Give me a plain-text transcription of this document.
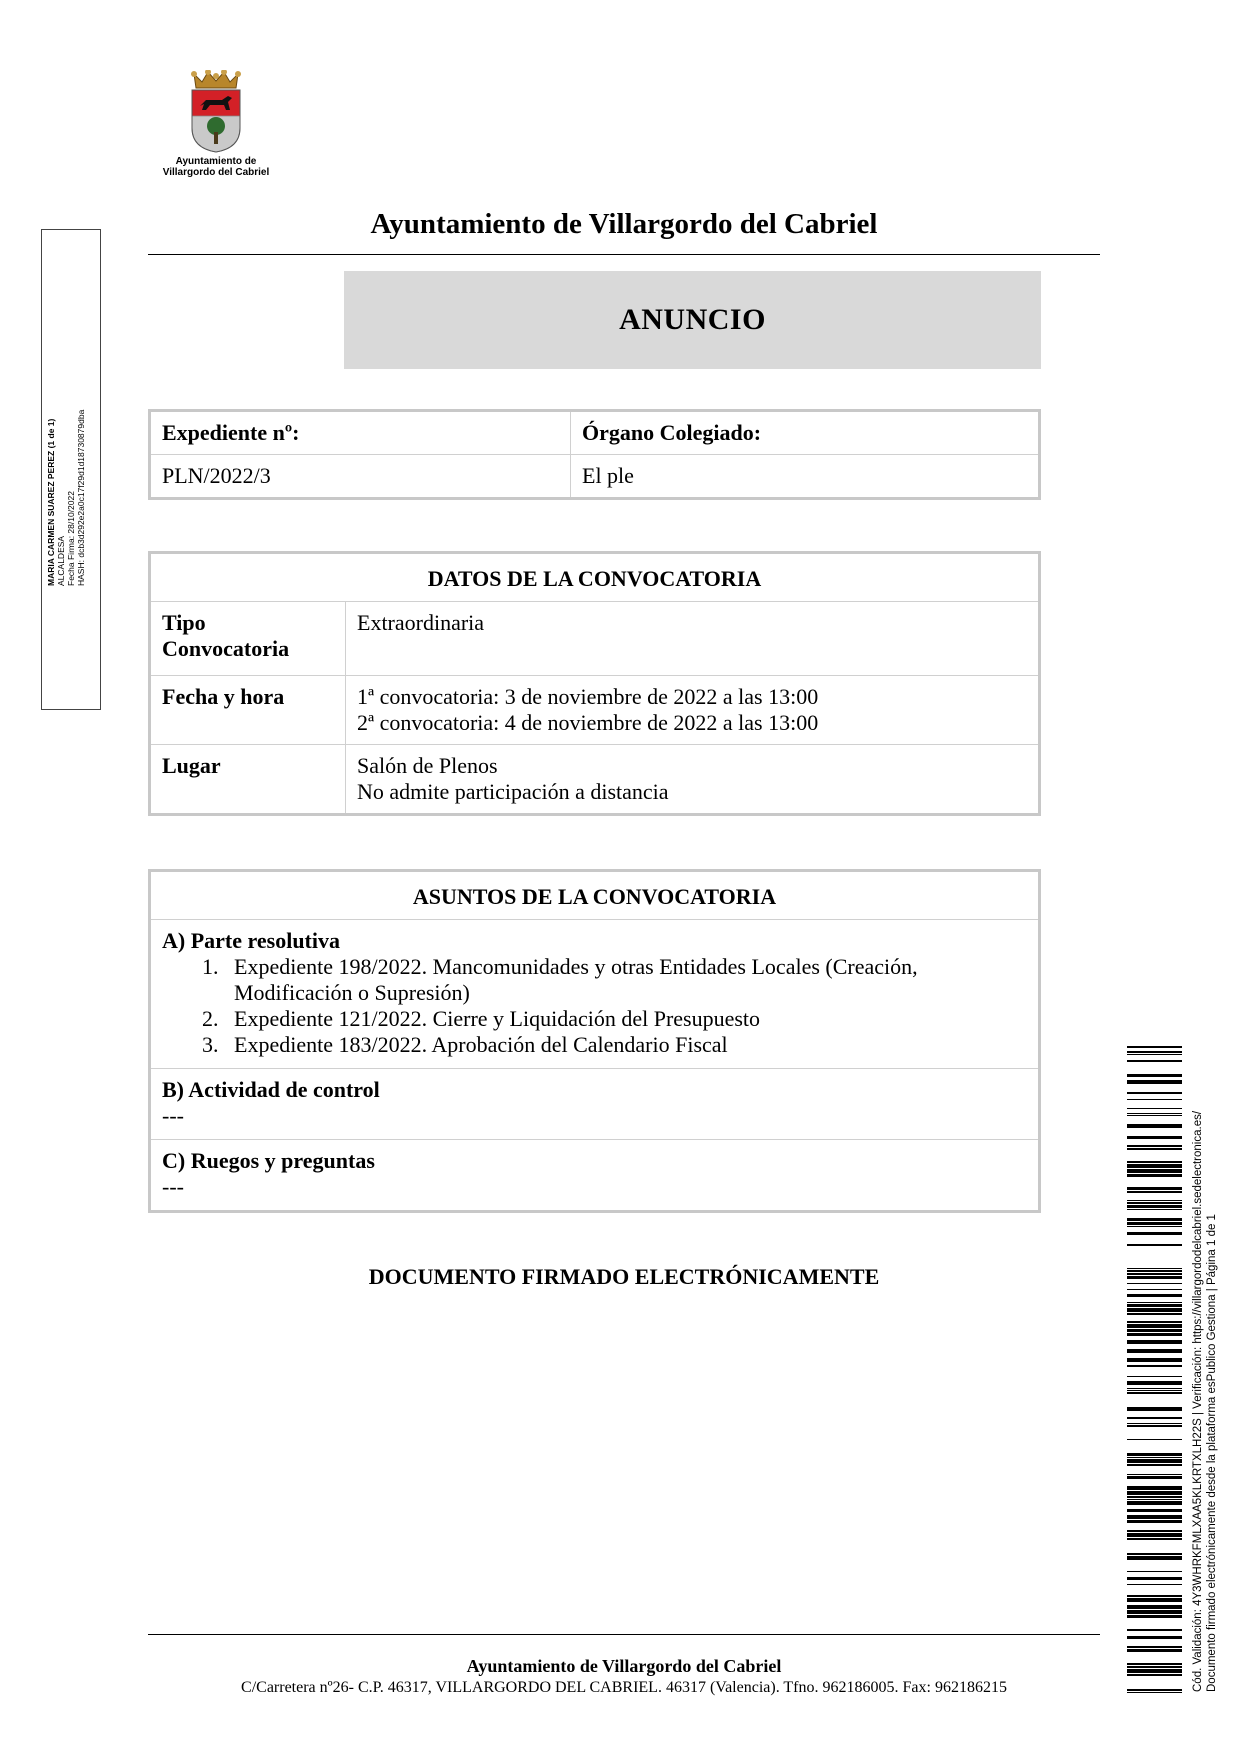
Ayuntamiento de
Villargordo del Cabriel
Ayuntamiento de Villargordo del Cabriel
ANUNCIO
Expediente nº:	Órgano Colegiado:
PLN/2022/3	El ple
DATOS DE LA CONVOCATORIA	

Tipo
Convocatoria	Extraordinaria
Fecha y hora	1ª convocatoria: 3 de noviembre de 2022 a las 13:00
2ª convocatoria: 4 de noviembre de 2022 a las 13:00

Lugar	Salón de Plenos
No admite participación a distancia
ASUNTOS DE LA CONVOCATORIA

A) Parte resolutiva
1. Expediente 198/2022. Mancomunidades y otras Entidades Locales (Creación, Modificación o Supresión)
2. Expediente 121/2022. Cierre y Liquidación del Presupuesto
3. Expediente 183/2022. Aprobación del Calendario Fiscal

B) Actividad de control
---

C) Ruegos y preguntas
---
DOCUMENTO FIRMADO ELECTRÓNICAMENTE
Ayuntamiento de Villargordo del Cabriel
C/Carretera nº26- C.P. 46317, VILLARGORDO DEL CABRIEL. 46317 (Valencia). Tfno. 962186005. Fax: 962186215
MARIA CARMEN SUAREZ PEREZ (1 de 1) ALCALDESA Fecha Firma: 28/10/2022 HASH: dcb3d292e2a0c17f29d1d18730879dba
Cód. Validación: 4Y3WHRKFMLXAA5KLKRTXLH22S | Verificación: https://villargordodelcabriel.sedelectronica.es/ Documento firmado electrónicamente desde la plataforma esPublico Gestiona | Página 1 de 1
